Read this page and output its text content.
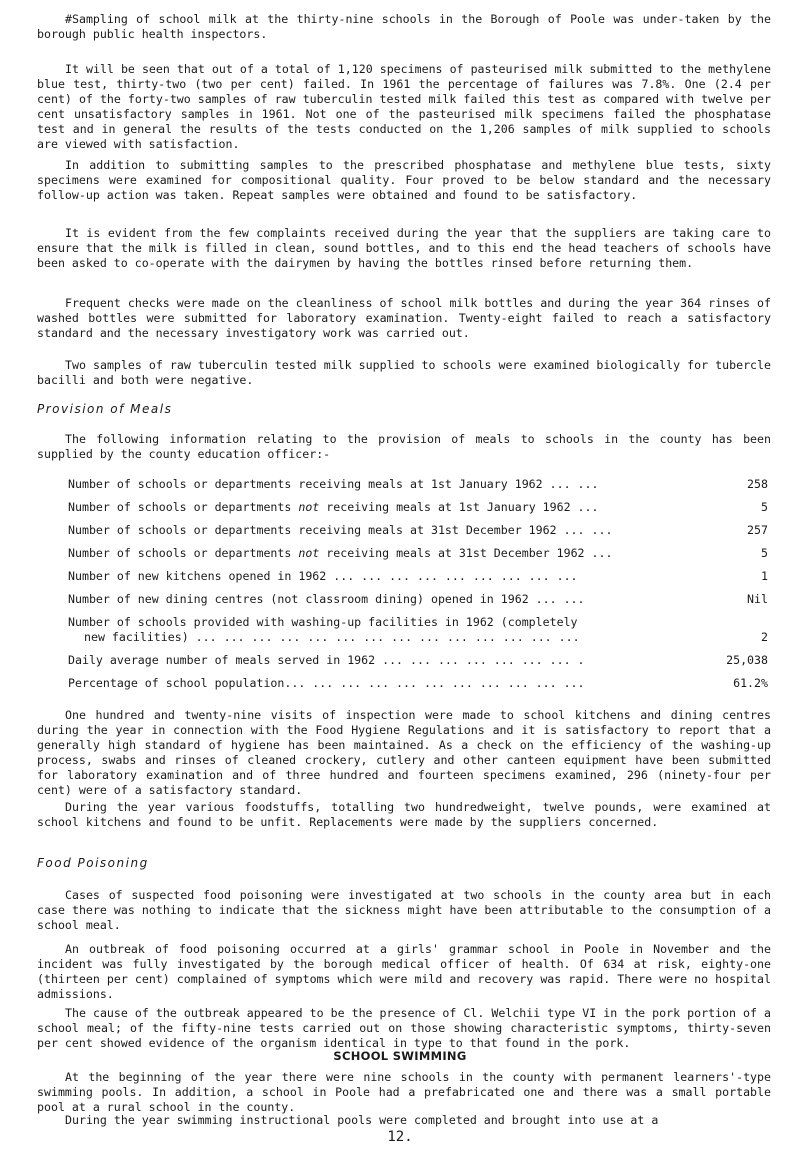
#Sampling of school milk at the thirty-nine schools in the Borough of Poole was under-taken by the borough public health inspectors.

It will be seen that out of a total of 1,120 specimens of pasteurised milk submitted to the methylene blue test, thirty-two (two per cent) failed. In 1961 the percentage of failures was 7.8%. One (2.4 per cent) of the forty-two samples of raw tuberculin tested milk failed this test as compared with twelve per cent unsatisfactory samples in 1961. Not one of the pasteurised milk specimens failed the phosphatase test and in general the results of the tests conducted on the 1,206 samples of milk supplied to schools are viewed with satisfaction.

In addition to submitting samples to the prescribed phosphatase and methylene blue tests, sixty specimens were examined for compositional quality. Four proved to be below standard and the necessary follow-up action was taken. Repeat samples were obtained and found to be satisfactory.

It is evident from the few complaints received during the year that the suppliers are taking care to ensure that the milk is filled in clean, sound bottles, and to this end the head teachers of schools have been asked to co-operate with the dairymen by having the bottles rinsed before returning them.

Frequent checks were made on the cleanliness of school milk bottles and during the year 364 rinses of washed bottles were submitted for laboratory examination. Twenty-eight failed to reach a satisfactory standard and the necessary investigatory work was carried out.

Two samples of raw tuberculin tested milk supplied to schools were examined biologically for tubercle bacilli and both were negative.

Provision of Meals

The following information relating to the provision of meals to schools in the county has been supplied by the county education officer:-

Number of schools or departments receiving meals at 1st January 1962 ... ...	258
Number of schools or departments not receiving meals at 1st January 1962 ...	5
Number of schools or departments receiving meals at 31st December 1962 ... ...	257
Number of schools or departments not receiving meals at 31st December 1962 ...	5
Number of new kitchens opened in 1962 ... ... ... ... ... ... ... ... ...	1
Number of new dining centres (not classroom dining) opened in 1962 ... ...	Nil
Number of schools provided with washing-up facilities in 1962 (completely
new facilities) ... ... ... ... ... ... ... ... ... ... ... ... ... ...	2
Daily average number of meals served in 1962 ... ... ... ... ... ... ... .	25,038
Percentage of school population... ... ... ... ... ... ... ... ... ... ...	61.2%

One hundred and twenty-nine visits of inspection were made to school kitchens and dining centres during the year in connection with the Food Hygiene Regulations and it is satisfactory to report that a generally high standard of hygiene has been maintained. As a check on the efficiency of the washing-up process, swabs and rinses of cleaned crockery, cutlery and other canteen equipment have been submitted for laboratory examination and of three hundred and fourteen specimens examined, 296 (ninety-four per cent) were of a satisfactory standard.

During the year various foodstuffs, totalling two hundredweight, twelve pounds, were examined at school kitchens and found to be unfit. Replacements were made by the suppliers concerned.

Food Poisoning

Cases of suspected food poisoning were investigated at two schools in the county area but in each case there was nothing to indicate that the sickness might have been attributable to the consumption of a school meal.

An outbreak of food poisoning occurred at a girls' grammar school in Poole in November and the incident was fully investigated by the borough medical officer of health. Of 634 at risk, eighty-one (thirteen per cent) complained of symptoms which were mild and recovery was rapid. There were no hospital admissions.

The cause of the outbreak appeared to be the presence of Cl. Welchii type VI in the pork portion of a school meal; of the fifty-nine tests carried out on those showing characteristic symptoms, thirty-seven per cent showed evidence of the organism identical in type to that found in the pork.

SCHOOL SWIMMING

At the beginning of the year there were nine schools in the county with permanent learners'-type swimming pools. In addition, a school in Poole had a prefabricated one and there was a small portable pool at a rural school in the county.

During the year swimming instructional pools were completed and brought into use at a

12.
